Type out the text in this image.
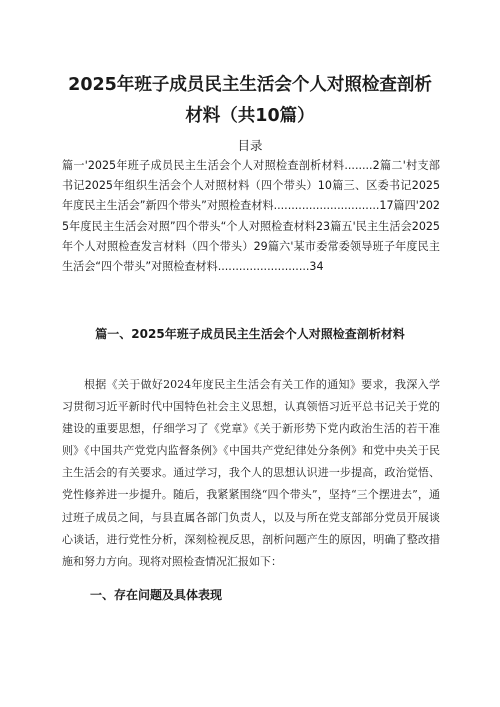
2025年班子成员民主生活会个人对照检查剖析
材料（共10篇）
目录
篇一'2025年班子成员民主生活会个人对照检查剖析材料........2篇二'村支部书记2025年组织生活会个人对照材料（四个带头）10篇三、区委书记2025年度民主生活会”新四个带头”对照检查材料..............................17篇四'2025年度民主生活会对照”四个带头“个人对照检查材料23篇五'民主生活会2025年个人对照检查发言材料（四个带头）29篇六'某市委常委领导班子年度民主生活会“四个带头”对照检查材料..........................34
篇一、2025年班子成员民主生活会个人对照检查剖析材料
根据《关于做好2024年度民主生活会有关工作的通知》要求，我深入学习贯彻习近平新时代中国特色社会主义思想，认真领悟习近平总书记关于党的建设的重要思想，仔细学习了《党章》《关于新形势下党内政治生活的若干准则》《中国共产党党内监督条例》《中国共产党纪律处分条例》和党中央关于民主生活会的有关要求。通过学习，我个人的思想认识进一步提高，政治觉悟、党性修养进一步提升。随后，我紧紧围绕“四个带头”，坚持“三个摆进去”，通过班子成员之间，与县直属各部门负责人，以及与所在党支部部分党员开展谈心谈话，进行党性分析，深刻检视反思，剖析问题产生的原因，明确了整改措施和努力方向。现将对照检查情况汇报如下：
一、存在问题及具体表现
